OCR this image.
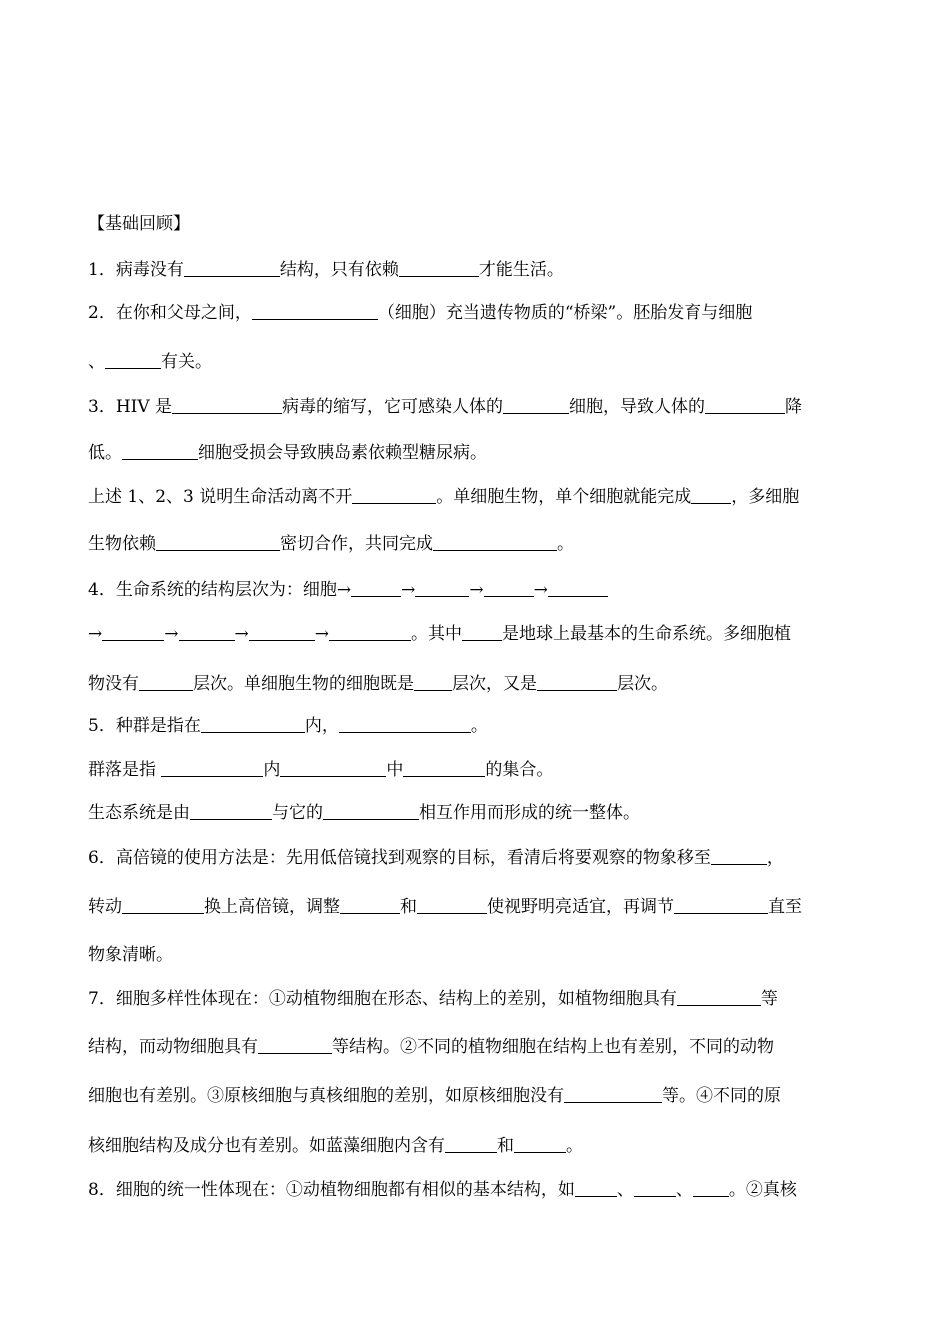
【基础回顾】
1．病毒没有	结构，只有依赖	才能生活。
2．在你和父母之间，	（细胞）充当遗传物质的“桥梁”。胚胎发育与细胞
、	有关。
3．HIV 是	病毒的缩写，它可感染人体的	细胞，导致人体的	降
低。	细胞受损会导致胰岛素依赖型糖尿病。
上述 1、2、3 说明生命活动离不开	。单细胞生物，单个细胞就能完成 ，多细胞
生物依赖	密切合作，共同完成	。
4．生命系统的结构层次为：细胞→	→	→	→
→	→	→	→	。其中 是地球上最基本的生命系统。多细胞植
物没有	层次。单细胞生物的细胞既是 层次，又是	层次。
5．种群是指在	内，	。
群落是指	内	中	的集合。
生态系统是由	与它的	相互作用而形成的统一整体。
6．高倍镜的使用方法是：先用低倍镜找到观察的目标，看清后将要观察的物象移至	，
转动	换上高倍镜，调整	和	使视野明亮适宜，再调节	直至
物象清晰。
7．细胞多样性体现在：①动植物细胞在形态、结构上的差别，如植物细胞具有	等
结构，而动物细胞具有	等结构。②不同的植物细胞在结构上也有差别，不同的动物
细胞也有差别。③原核细胞与真核细胞的差别，如原核细胞没有	等。④不同的原
核细胞结构及成分也有差别。如蓝藻细胞内含有	和	。
8．细胞的统一性体现在：①动植物细胞都有相似的基本结构，如 、 、 。②真核
